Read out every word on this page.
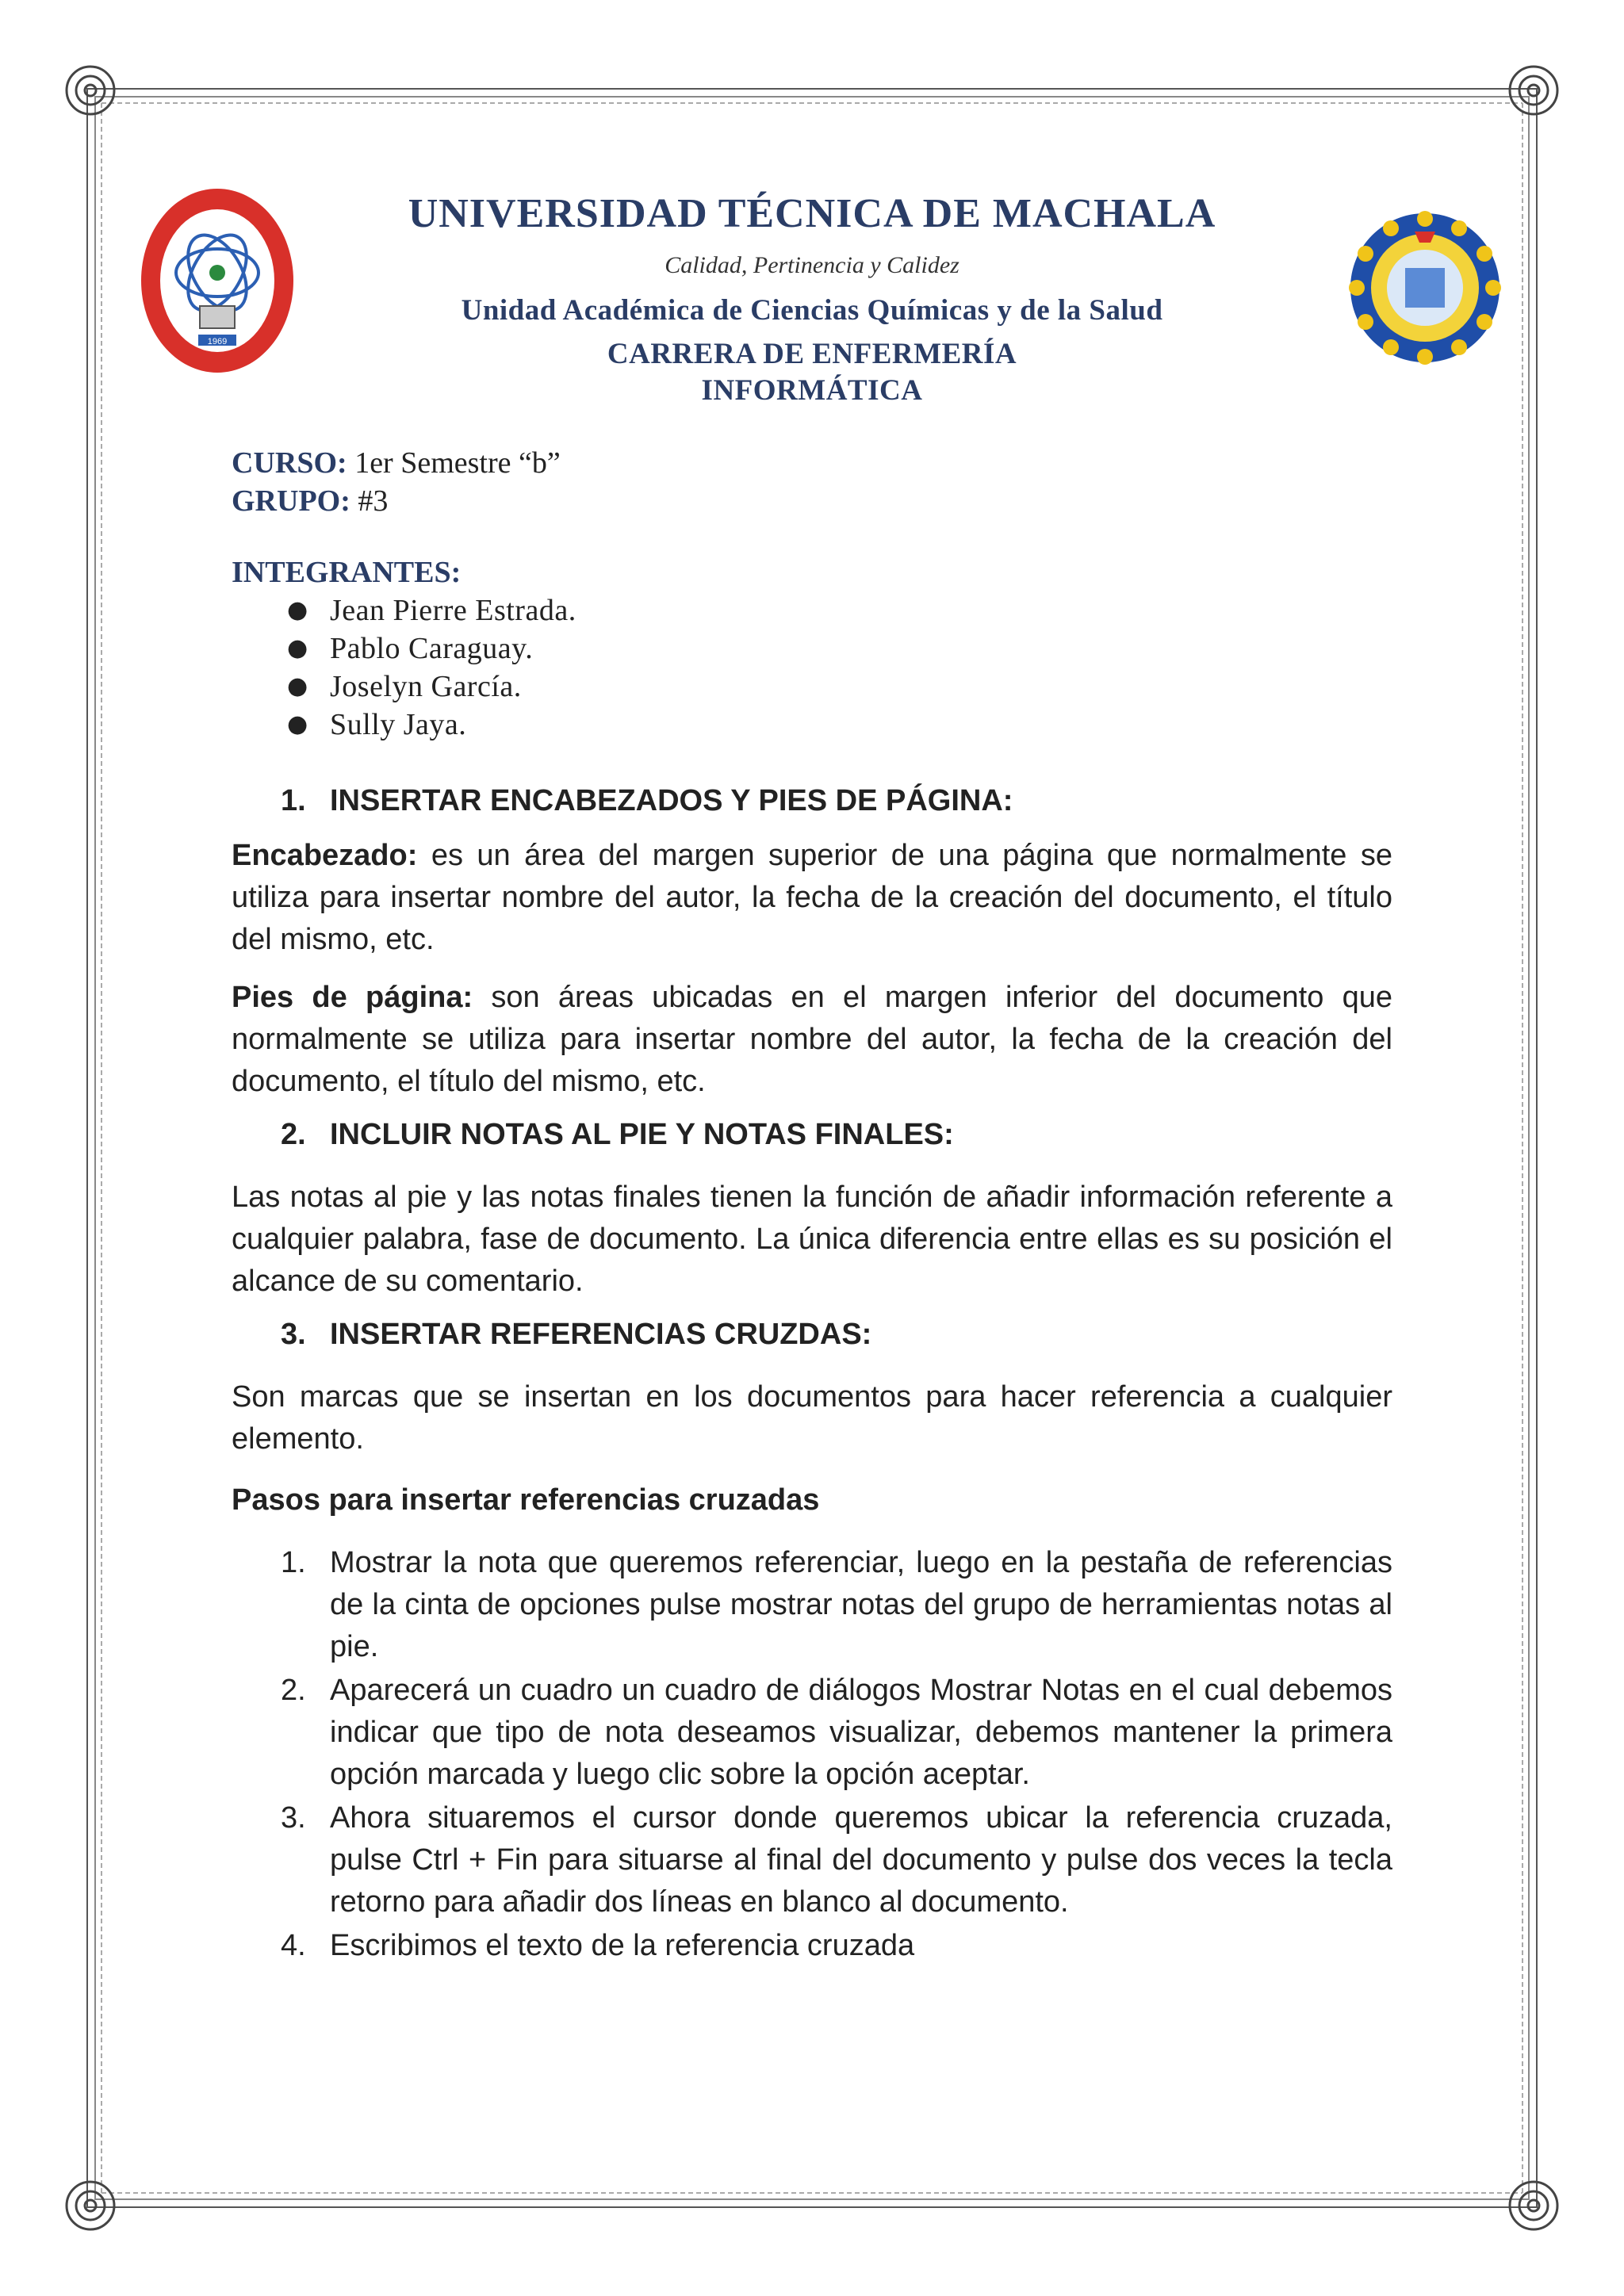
1969
UNIVERSIDAD TÉCNICA DE MACHALA
Calidad, Pertinencia y Calidez
Unidad Académica de Ciencias Químicas y de la Salud
CARRERA DE ENFERMERÍA
INFORMÁTICA
CURSO: 1er Semestre “b”
GRUPO: #3
INTEGRANTES:
● Jean Pierre Estrada.
● Pablo Caraguay.
● Joselyn García.
● Sully Jaya.
1. INSERTAR ENCABEZADOS Y PIES DE PÁGINA:

Encabezado: es un área del margen superior de una página que normalmente se utiliza para insertar nombre del autor, la fecha de la creación del documento, el título del mismo, etc.

Pies de página: son áreas ubicadas en el margen inferior del documento que normalmente se utiliza para insertar nombre del autor, la fecha de la creación del documento, el título del mismo, etc.

2. INCLUIR NOTAS AL PIE Y NOTAS FINALES:

Las notas al pie y las notas finales tienen la función de añadir información referente a cualquier palabra, fase de documento. La única diferencia entre ellas es su posición el alcance de su comentario.

3. INSERTAR REFERENCIAS CRUZDAS:

Son marcas que se insertan en los documentos para hacer referencia a cualquier elemento.

Pasos para insertar referencias cruzadas
1. Mostrar la nota que queremos referenciar, luego en la pestaña de referencias de la cinta de opciones pulse mostrar notas del grupo de herramientas notas al pie.
2. Aparecerá un cuadro un cuadro de diálogos Mostrar Notas en el cual debemos indicar que tipo de nota deseamos visualizar, debemos mantener la primera opción marcada y luego clic sobre la opción aceptar.
3. Ahora situaremos el cursor donde queremos ubicar la referencia cruzada, pulse Ctrl + Fin para situarse al final del documento y pulse dos veces la tecla retorno para añadir dos líneas en blanco al documento.
4. Escribimos el texto de la referencia cruzada
